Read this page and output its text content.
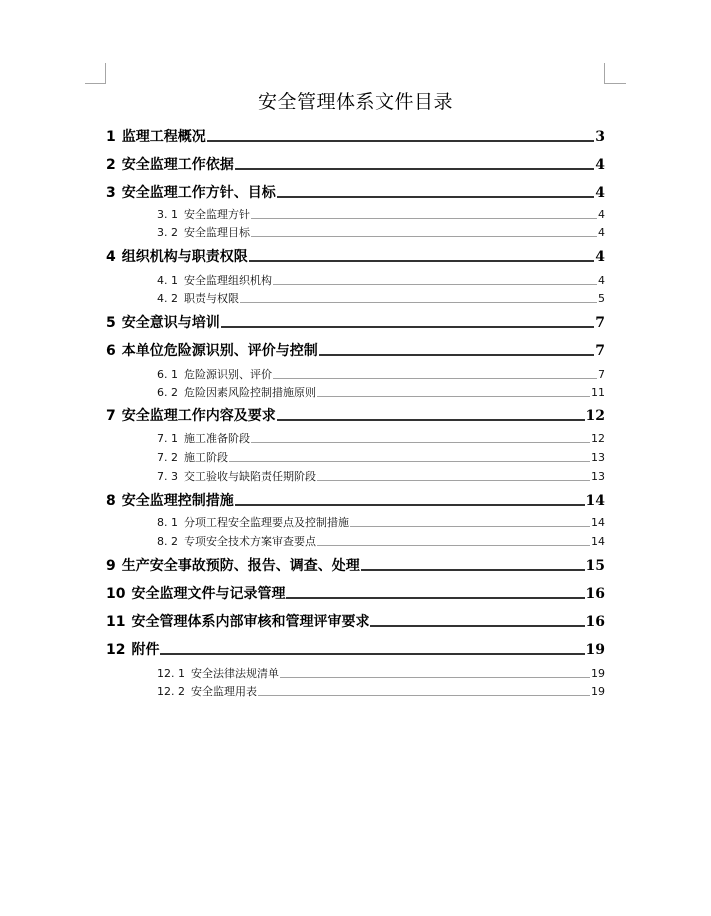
安全管理体系文件目录
1 监理工程概况	3
2 安全监理工作依据	4
3 安全监理工作方针、目标	4
3. 1 安全监理方针	4
3. 2 安全监理目标	4
4 组织机构与职责权限	4
4. 1 安全监理组织机构	4
4. 2 职责与权限	5
5 安全意识与培训	7
6 本单位危险源识别、评价与控制	7
6. 1 危险源识别、评价	7
6. 2 危险因素风险控制措施原则	11
7 安全监理工作内容及要求	12
7. 1 施工准备阶段	12
7. 2 施工阶段	13
7. 3 交工验收与缺陷责任期阶段	13
8 安全监理控制措施	14
8. 1 分项工程安全监理要点及控制措施	14
8. 2 专项安全技术方案审查要点	14
9 生产安全事故预防、报告、调查、处理	15
10 安全监理文件与记录管理	16
11 安全管理体系内部审核和管理评审要求	16
12 附件	19
12. 1 安全法律法规清单	19
12. 2 安全监理用表	19
